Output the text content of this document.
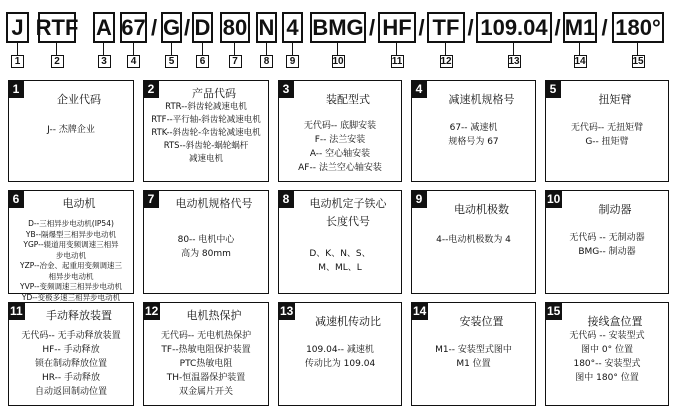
J
1
RTF
2
A
3
67
4
/ G
5
/ D
6
80
7
N
8
4
9
BMG
10
/ HF
11
/ TF
12
/ 109.04
13
/ M1
14
/ 180°
15
1
企业代码
J-- 杰牌企业
2	产品代码
RTR--斜齿轮减速电机
RTF--平行轴-斜齿轮减速电机
RTK--斜齿轮-伞齿轮减速电机
RTS--斜齿轮-蜗轮蜗杆
减速电机
3
装配型式
无代码-- 底脚安装
F-- 法兰安装
A-- 空心轴安装
AF-- 法兰空心轴安装
4
减速机规格号
67-- 减速机
规格号为 67
5
扭矩臂
无代码-- 无扭矩臂
G-- 扭矩臂
6	电动机
D--三相异步电动机(IP54)
YB--隔爆型三相异步电动机
YGP--辊道用变频调速三相异
步电动机
YZP--冶金、起重用变频调速三
相异步电动机
YVP--变频调速三相异步电动机
YD--变极多速三相异步电动机
7	电动机规格代号
80-- 电机中心
高为 80mm
8	电动机定子铁心
长度代号
D、K、N、S、
M、ML、L
9
电动机极数
4--电动机极数为 4
10
制动器
无代码 -- 无制动器
BMG-- 制动器
11	手动释放装置
无代码-- 无手动释放装置
HF-- 手动释放
锁在制动释放位置
HR-- 手动释放
自动返回制动位置
12	电机热保护
无代码-- 无电机热保护
TF--热敏电阻保护装置
PTC热敏电阻
TH-恒温器保护装置
双金属片开关
13
减速机传动比
109.04-- 减速机
传动比为 109.04
14
安装位置
M1-- 安装型式图中
M1 位置
15
接线盒位置
无代码 -- 安装型式
图中 0° 位置
180°-- 安装型式
图中 180° 位置
